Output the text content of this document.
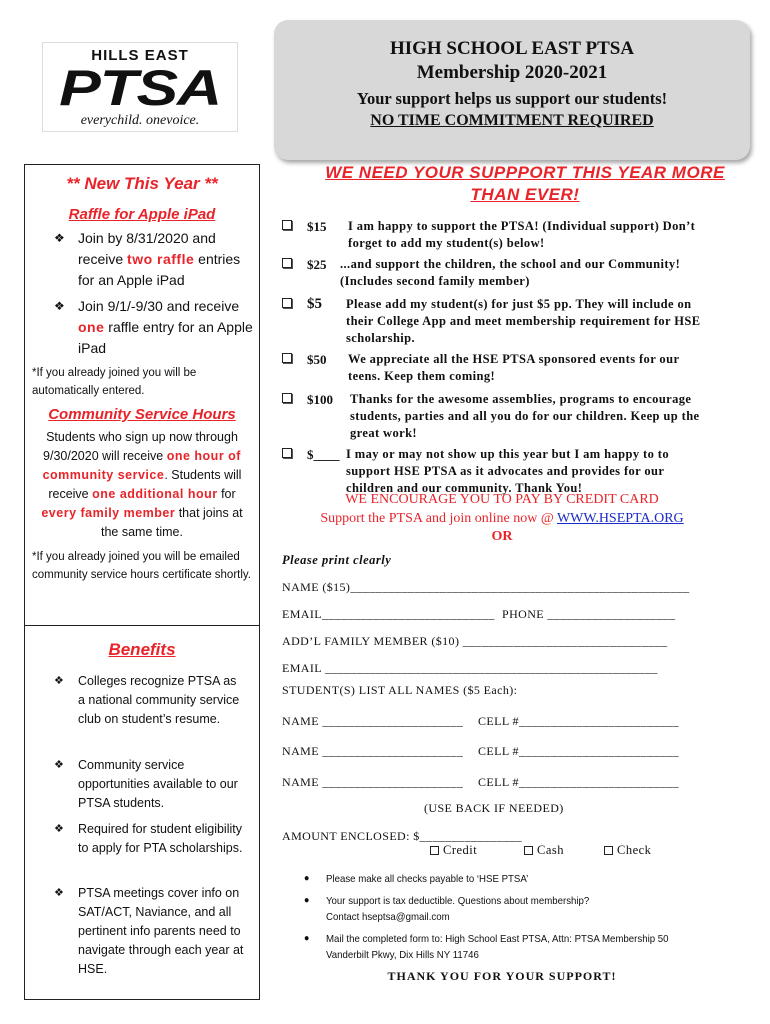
HILLS EAST
PTSA
everychild. onevoice.
HIGH SCHOOL EAST PTSA
Membership 2020-2021
Your support helps us support our students!
NO TIME COMMITMENT REQUIRED
** New This Year **
Raffle for Apple iPad
❖ Join by 8/31/2020 and receive two raffle entries for an Apple iPad
❖ Join 9/1/-9/30 and receive one raffle entry for an Apple iPad
*If you already joined you will be automatically entered.
Community Service Hours
Students who sign up now through 9/30/2020 will receive one hour of community service. Students will receive one additional hour for every family member that joins at the same time.
*If you already joined you will be emailed community service hours certificate shortly.
Benefits
❖ Colleges recognize PTSA as a national community service club on student’s resume.
❖ Community service opportunities available to our PTSA students.
❖ Required for student eligibility to apply for PTA scholarships.
❖ PTSA meetings cover info on SAT/ACT, Naviance, and all pertinent info parents need to navigate through each year at HSE.
WE NEED YOUR SUPPPORT THIS YEAR MORE THAN EVER!
$15 I am happy to support the PTSA! (Individual support) Don’t forget to add my student(s) below!
$25 ...and support the children, the school and our Community! (Includes second family member)
$5 Please add my student(s) for just $5 pp. They will include on their College App and meet membership requirement for HSE scholarship.
$50 We appreciate all the HSE PTSA sponsored events for our teens. Keep them coming!
$100 Thanks for the awesome assemblies, programs to encourage students, parties and all you do for our children. Keep up the great work!
$____ I may or may not show up this year but I am happy to to support HSE PTSA as it advocates and provides for our children and our community. Thank You!
WE ENCOURAGE YOU TO PAY BY CREDIT CARD
Support the PTSA and join online now @ WWW.HSEPTA.ORG
OR
Please print clearly
NAME ($15)_____________________________________________________
EMAIL___________________________ PHONE ____________________
ADD’L FAMILY MEMBER ($10) ________________________________
EMAIL ____________________________________________________
STUDENT(S) LIST ALL NAMES ($5 Each):
NAME ______________________ CELL #_________________________
NAME ______________________ CELL #_________________________
NAME ______________________ CELL #_________________________
(USE BACK IF NEEDED)
AMOUNT ENCLOSED: $________________
Credit	Cash	Check
● Please make all checks payable to ‘HSE PTSA’
● Your support is tax deductible. Questions about membership? Contact hseptsa@gmail.com
● Mail the completed form to: High School East PTSA, Attn: PTSA Membership 50 Vanderbilt Pkwy, Dix Hills NY 11746
THANK YOU FOR YOUR SUPPORT!
